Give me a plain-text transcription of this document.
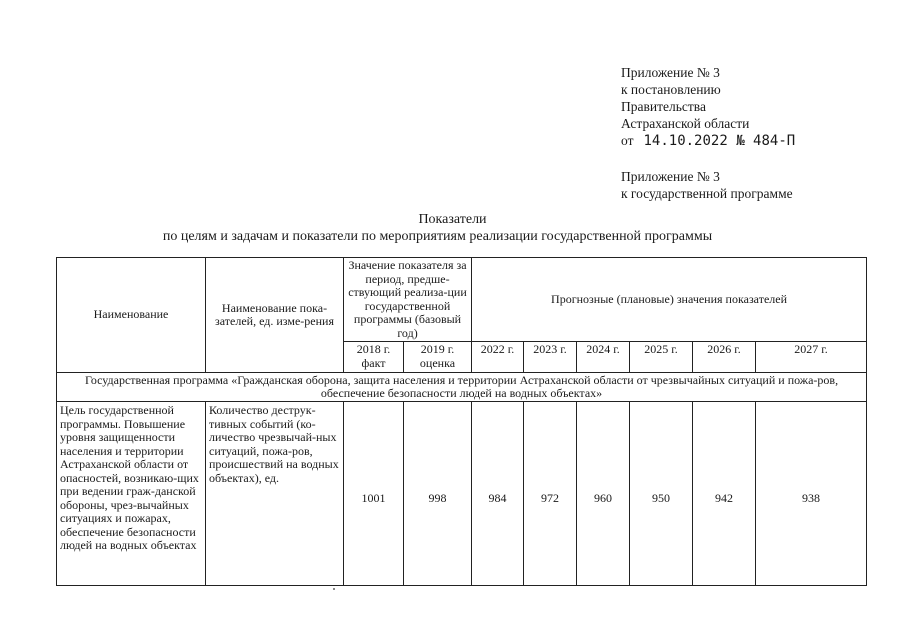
Приложение № 3
к постановлению
Правительства
Астраханской области
от 14.10.2022 № 484-П
Приложение № 3
к государственной программе
Показатели
по целям и задачам и показатели по мероприятиям реализации государственной программы
Наименование	Наименование пока-зателей, ед. изме-рения	Значение показателя за период, предше-ствующий реализа-ции государственной программы (базовый год)		Прогнозные (плановые) значения показателей					
		2018 г. факт	2019 г. оценка	2022 г.	2023 г.	2024 г.	2025 г.	2026 г.	2027 г.
Государственная программа «Гражданская оборона, защита населения и территории Астраханской области от чрезвычайных ситуаций и пожа-ров, обеспечение безопасности людей на водных объектах»									
Цель государственной программы. Повышение уровня защищенности населения и территории Астраханской области от опасностей, возникаю-щих при ведении граж-данской обороны, чрез-вычайных ситуациях и пожарах, обеспечение безопасности людей на водных объектах	Количество деструк-тивных событий (ко-личество чрезвычай-ных ситуаций, пожа-ров, происшествий на водных объектах), ед.	1001	998	984	972	960	950	942	938
